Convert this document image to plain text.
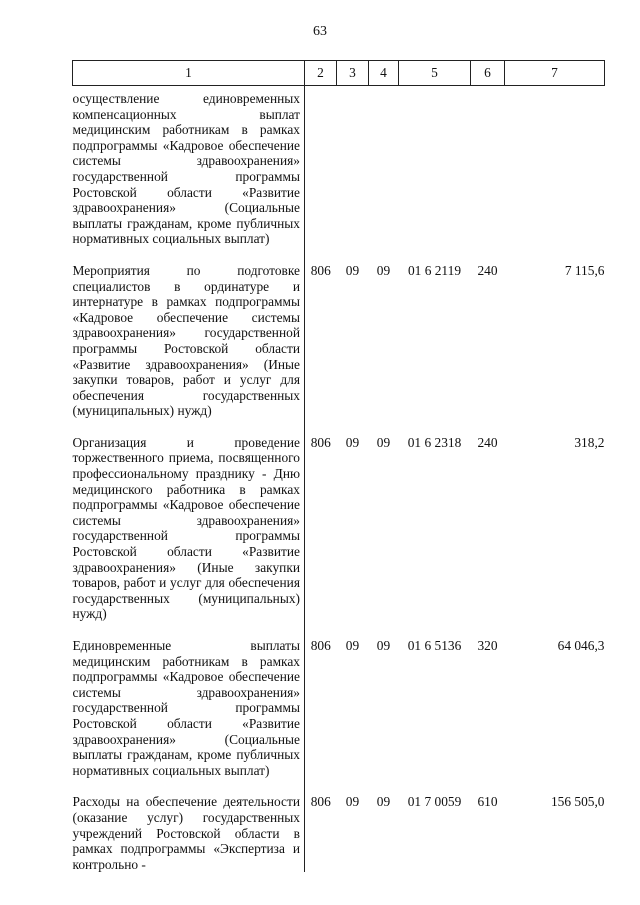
63
1	2	3	4	5	6	7
осуществление единовременных компенсационных выплат медицинским работникам в рамках подпрограммы «Кадровое обеспечение системы здравоохранения» государственной программы Ростовской области «Развитие здравоохранения» (Социальные выплаты гражданам, кроме публичных нормативных социальных выплат)						
Мероприятия по подготовке специалистов в ординатуре и интернатуре в рамках подпрограммы «Кадровое обеспечение системы здравоохранения» государственной программы Ростовской области «Развитие здравоохранения» (Иные закупки товаров, работ и услуг для обеспечения государственных (муниципальных) нужд)	806	09	09	01 6 2119	240	7 115,6
Организация и проведение торжественного приема, посвященного профессиональному празднику - Дню медицинского работника в рамках подпрограммы «Кадровое обеспечение системы здравоохранения» государственной программы Ростовской области «Развитие здравоохранения» (Иные закупки товаров, работ и услуг для обеспечения государственных (муниципальных) нужд)	806	09	09	01 6 2318	240	318,2
Единовременные выплаты медицинским работникам в рамках подпрограммы «Кадровое обеспечение системы здравоохранения» государственной программы Ростовской области «Развитие здравоохранения» (Социальные выплаты гражданам, кроме публичных нормативных социальных выплат)	806	09	09	01 6 5136	320	64 046,3
Расходы на обеспечение деятельности (оказание услуг) государственных учреждений Ростовской области в рамках подпрограммы «Экспертиза и контрольно -	806	09	09	01 7 0059	610	156 505,0
